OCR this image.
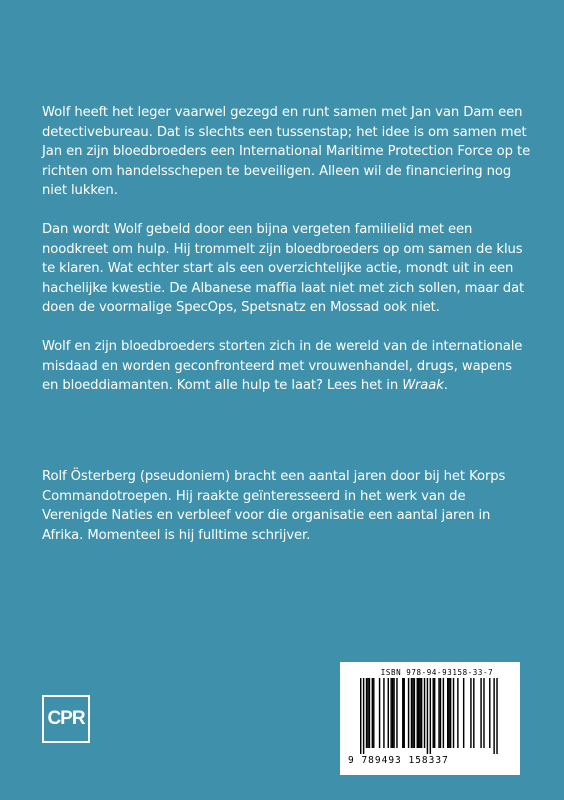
Wolf heeft het leger vaarwel gezegd en runt samen met Jan van Dam een detectivebureau. Dat is slechts een tussenstap; het idee is om samen met Jan en zijn bloedbroeders een International Maritime Protection Force op te richten om handelsschepen te beveiligen. Alleen wil de financiering nog niet lukken.

Dan wordt Wolf gebeld door een bijna vergeten familielid met een noodkreet om hulp. Hij trommelt zijn bloedbroeders op om samen de klus te klaren. Wat echter start als een overzichtelijke actie, mondt uit in een hachelijke kwestie. De Albanese maffia laat niet met zich sollen, maar dat doen de voormalige SpecOps, Spetsnatz en Mossad ook niet.

Wolf en zijn bloedbroeders storten zich in de wereld van de internationale misdaad en worden geconfronteerd met vrouwenhandel, drugs, wapens en bloeddiamanten. Komt alle hulp te laat? Lees het in Wraak.

Rolf Österberg (pseudoniem) bracht een aantal jaren door bij het Korps Commandotroepen. Hij raakte geïnteresseerd in het werk van de Verenigde Naties en verbleef voor die organisatie een aantal jaren in Afrika. Momenteel is hij fulltime schrijver.

CPR
ISBN 978-94-93158-33-7
9 789493 158337
